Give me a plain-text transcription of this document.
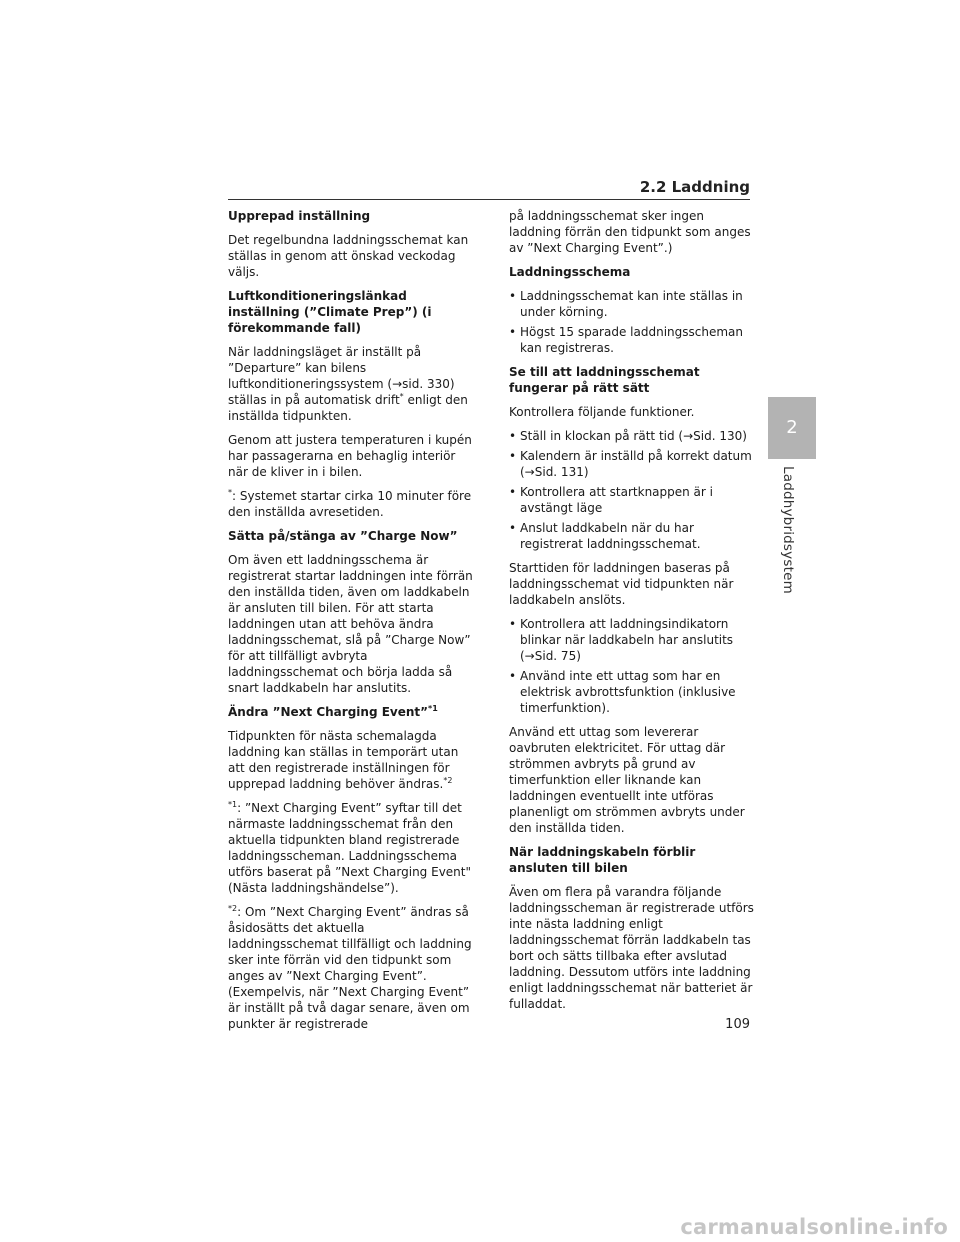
2.2 Laddning
2
Laddhybridsystem
Upprepad inställning

Det regelbundna laddningsschemat kan ställas in genom att önskad veckodag väljs.

Luftkonditioneringslänkad inställning (”Climate Prep”) (i förekommande fall)

När laddningsläget är inställt på ”Departure” kan bilens luftkonditioneringssystem (→sid. 330) ställas in på automatisk drift* enligt den inställda tidpunkten.

Genom att justera temperaturen i kupén har passagerarna en behaglig interiör när de kliver in i bilen.

*: Systemet startar cirka 10 minuter före den inställda avresetiden.

Sätta på/stänga av ”Charge Now”

Om även ett laddningsschema är registrerat startar laddningen inte förrän den inställda tiden, även om laddkabeln är ansluten till bilen. För att starta laddningen utan att behöva ändra laddningsschemat, slå på ”Charge Now” för att tillfälligt avbryta laddningsschemat och börja ladda så snart laddkabeln har anslutits.

Ändra ”Next Charging Event”$^{*1}$

Tidpunkten för nästa schemalagda laddning kan ställas in temporärt utan att den registrerade inställningen för upprepad laddning behöver ändras.$^{*2}$

$^{*1}$: ”Next Charging Event” syftar till det närmaste laddningsschemat från den aktuella tidpunkten bland registrerade laddningsscheman. Laddningsschema utförs baserat på ”Next Charging Event" (Nästa laddningshändelse”).

$^{*2}$: Om ”Next Charging Event” ändras så åsidosätts det aktuella laddningsschemat tillfälligt och laddning sker inte förrän vid den tidpunkt som anges av ”Next Charging Event”. (Exempelvis, när ”Next Charging Event” är inställt på två dagar senare, även om punkter är registrerade

på laddningsschemat sker ingen laddning förrän den tidpunkt som anges av ”Next Charging Event”.)

Laddningsschema
• Laddningsschemat kan inte ställas in under körning.
• Högst 15 sparade laddningsscheman kan registreras.
Se till att laddningsschemat fungerar på rätt sätt

Kontrollera följande funktioner.

• Ställ in klockan på rätt tid (→Sid. 130)
• Kalendern är inställd på korrekt datum (→Sid. 131)
• Kontrollera att startknappen är i avstängt läge
• Anslut laddkabeln när du har registrerat laddningsschemat.

Starttiden för laddningen baseras på laddningsschemat vid tidpunkten när laddkabeln anslöts.

• Kontrollera att laddningsindikatorn blinkar när laddkabeln har anslutits (→Sid. 75)
• Använd inte ett uttag som har en elektrisk avbrottsfunktion (inklusive timerfunktion).

Använd ett uttag som levererar oavbruten elektricitet. För uttag där strömmen avbryts på grund av timerfunktion eller liknande kan laddningen eventuellt inte utföras planenligt om strömmen avbryts under den inställda tiden.

När laddningskabeln förblir ansluten till bilen

Även om flera på varandra följande laddningsscheman är registrerade utförs inte nästa laddning enligt laddningsschemat förrän laddkabeln tas bort och sätts tillbaka efter avslutad laddning. Dessutom utförs inte laddning enligt laddningsschemat när batteriet är fulladdat.

109
carmanualsonline.info
